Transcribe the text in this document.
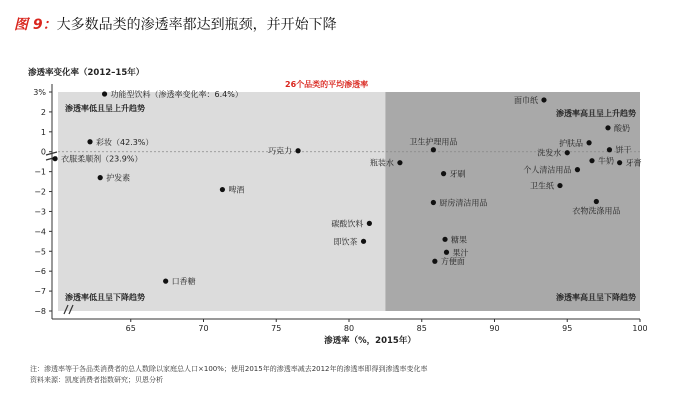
图 9：大多数品类的渗透率都达到瓶颈，并开始下降
渗透率变化率（2012–15年）
26个品类的平均渗透率
3%
2
1
0
−1
−2
−3
−4
−5
−6
−7
−8
65	70	75	80	85	90	95	100
渗透率（%，2015年）
渗透率低且呈上升趋势
渗透率低且呈下降趋势
渗透率高且呈上升趋势
渗透率高且呈下降趋势
功能型饮料（渗透率变化率：6.4%）
彩妆（42.3%）
衣服柔顺剂（23.9%）
护发素
巧克力
啤酒
口香糖
碳酸饮料
即饮茶
瓶装水
卫生护理用品
牙刷
厨房清洁用品
糖果
果汁
方便面
面巾纸
酸奶
护肤品
洗发水	饼干
牛奶 牙膏
个人清洁用品
卫生纸
衣物洗涤用品
注：渗透率等于各品类消费者的总人数除以家庭总人口×100%；使用2015年的渗透率减去2012年的渗透率即得到渗透率变化率
资料来源：凯度消费者指数研究；贝恩分析
